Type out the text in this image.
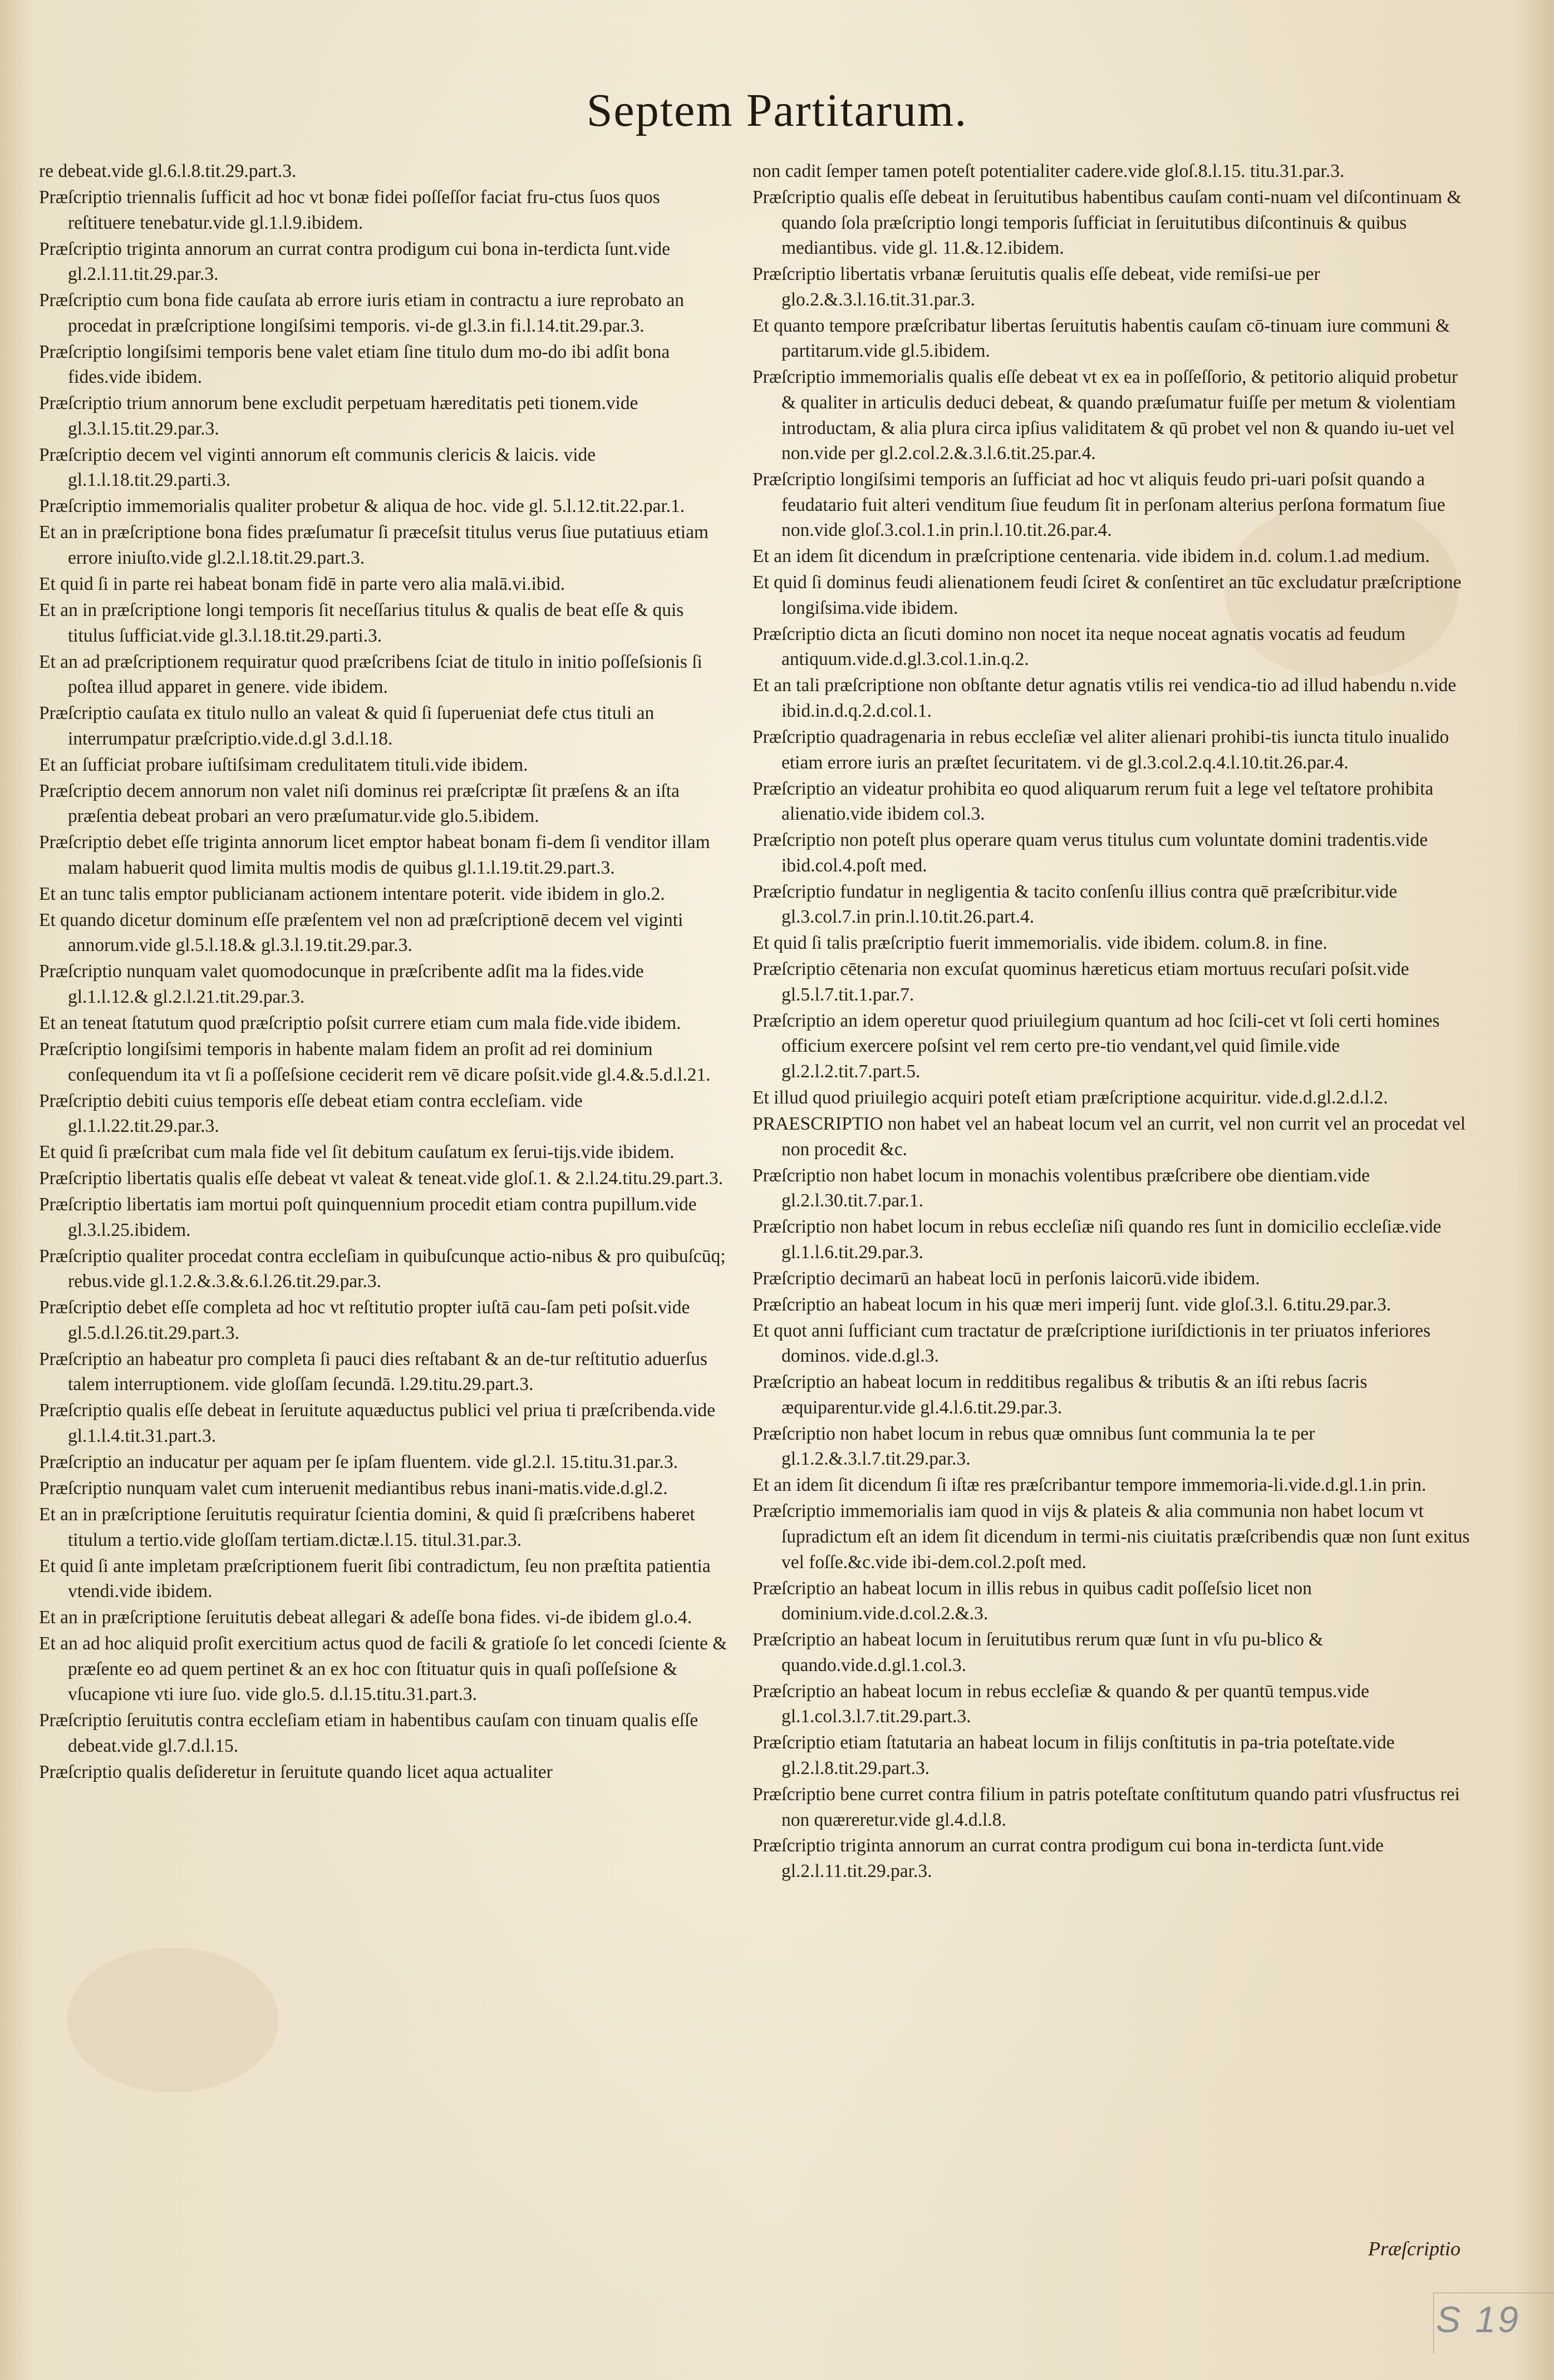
Septem Partitarum.

re debeat.vide gl.6.l.8.tit.29.part.3.

Præſcriptio triennalis ſufficit ad hoc vt bonæ fidei poſſeſſor faciat fru-ctus ſuos quos reſtituere tenebatur.vide gl.1.l.9.ibidem.

Præſcriptio triginta annorum an currat contra prodigum cui bona in-terdicta ſunt.vide gl.2.l.11.tit.29.par.3.

Præſcriptio cum bona fide cauſata ab errore iuris etiam in contractu a iure reprobato an procedat in præſcriptione longiſsimi temporis. vi-de gl.3.in fi.l.14.tit.29.par.3.

Præſcriptio longiſsimi temporis bene valet etiam ſine titulo dum mo-do ibi adſit bona fides.vide ibidem.

Præſcriptio trium annorum bene excludit perpetuam hæreditatis peti tionem.vide gl.3.l.15.tit.29.par.3.

Præſcriptio decem vel viginti annorum eſt communis clericis & laicis. vide gl.1.l.18.tit.29.parti.3.

Præſcriptio immemorialis qualiter probetur & aliqua de hoc. vide gl. 5.l.12.tit.22.par.1.

Et an in præſcriptione bona fides præſumatur ſi præceſsit titulus verus ſiue putatiuus etiam errore iniuſto.vide gl.2.l.18.tit.29.part.3.

Et quid ſi in parte rei habeat bonam fidē in parte vero alia malā.vi.ibid.

Et an in præſcriptione longi temporis ſit neceſſarius titulus & qualis de beat eſſe & quis titulus ſufficiat.vide gl.3.l.18.tit.29.parti.3.

Et an ad præſcriptionem requiratur quod præſcribens ſciat de titulo in initio poſſeſsionis ſi poſtea illud apparet in genere. vide ibidem.

Præſcriptio cauſata ex titulo nullo an valeat & quid ſi ſuperueniat defe ctus tituli an interrumpatur præſcriptio.vide.d.gl 3.d.l.18.

Et an ſufficiat probare iuſtiſsimam credulitatem tituli.vide ibidem.

Præſcriptio decem annorum non valet niſi dominus rei præſcriptæ ſit præſens & an iſta præſentia debeat probari an vero præſumatur.vide glo.5.ibidem.

Præſcriptio debet eſſe triginta annorum licet emptor habeat bonam fi-dem ſi venditor illam malam habuerit quod limita multis modis de quibus gl.1.l.19.tit.29.part.3.

Et an tunc talis emptor publicianam actionem intentare poterit. vide ibidem in glo.2.

Et quando dicetur dominum eſſe præſentem vel non ad præſcriptionē decem vel viginti annorum.vide gl.5.l.18.& gl.3.l.19.tit.29.par.3.

Præſcriptio nunquam valet quomodocunque in præſcribente adſit ma la fides.vide gl.1.l.12.& gl.2.l.21.tit.29.par.3.

Et an teneat ſtatutum quod præſcriptio poſsit currere etiam cum mala fide.vide ibidem.

Præſcriptio longiſsimi temporis in habente malam fidem an proſit ad rei dominium conſequendum ita vt ſi a poſſeſsione ceciderit rem vē dicare poſsit.vide gl.4.&.5.d.l.21.

Præſcriptio debiti cuius temporis eſſe debeat etiam contra eccleſiam. vide gl.1.l.22.tit.29.par.3.

Et quid ſi præſcribat cum mala fide vel ſit debitum cauſatum ex ſerui-tijs.vide ibidem.

Præſcriptio libertatis qualis eſſe debeat vt valeat & teneat.vide gloſ.1. & 2.l.24.titu.29.part.3.

Præſcriptio libertatis iam mortui poſt quinquennium procedit etiam contra pupillum.vide gl.3.l.25.ibidem.

Præſcriptio qualiter procedat contra eccleſiam in quibuſcunque actio-nibus & pro quibuſcūq; rebus.vide gl.1.2.&.3.&.6.l.26.tit.29.par.3.

Præſcriptio debet eſſe completa ad hoc vt reſtitutio propter iuſtā cau-ſam peti poſsit.vide gl.5.d.l.26.tit.29.part.3.

Præſcriptio an habeatur pro completa ſi pauci dies reſtabant & an de-tur reſtitutio aduerſus talem interruptionem. vide gloſſam ſecundā. l.29.titu.29.part.3.

Præſcriptio qualis eſſe debeat in ſeruitute aquæductus publici vel priua ti præſcribenda.vide gl.1.l.4.tit.31.part.3.

Præſcriptio an inducatur per aquam per ſe ipſam fluentem. vide gl.2.l. 15.titu.31.par.3.

Præſcriptio nunquam valet cum interuenit mediantibus rebus inani-matis.vide.d.gl.2.

Et an in præſcriptione ſeruitutis requiratur ſcientia domini, & quid ſi præſcribens haberet titulum a tertio.vide gloſſam tertiam.dictæ.l.15. titul.31.par.3.

Et quid ſi ante impletam præſcriptionem fuerit ſibi contradictum, ſeu non præſtita patientia vtendi.vide ibidem.

Et an in præſcriptione ſeruitutis debeat allegari & adeſſe bona fides. vi-de ibidem gl.o.4.

Et an ad hoc aliquid proſit exercitium actus quod de facili & gratioſe ſo let concedi ſciente & præſente eo ad quem pertinet & an ex hoc con ſtituatur quis in quaſi poſſeſsione & vſucapione vti iure ſuo. vide glo.5. d.l.15.titu.31.part.3.

Præſcriptio ſeruitutis contra eccleſiam etiam in habentibus cauſam con tinuam qualis eſſe debeat.vide gl.7.d.l.15.

Præſcriptio qualis deſideretur in ſeruitute quando licet aqua actualiter

non cadit ſemper tamen poteſt potentialiter cadere.vide gloſ.8.l.15. titu.31.par.3.

Præſcriptio qualis eſſe debeat in ſeruitutibus habentibus cauſam conti-nuam vel diſcontinuam & quando ſola præſcriptio longi temporis ſufficiat in ſeruitutibus diſcontinuis & quibus mediantibus. vide gl. 11.&.12.ibidem.

Præſcriptio libertatis vrbanæ ſeruitutis qualis eſſe debeat, vide remiſsi-ue per glo.2.&.3.l.16.tit.31.par.3.

Et quanto tempore præſcribatur libertas ſeruitutis habentis cauſam cō-tinuam iure communi & partitarum.vide gl.5.ibidem.

Præſcriptio immemorialis qualis eſſe debeat vt ex ea in poſſeſſorio, & petitorio aliquid probetur & qualiter in articulis deduci debeat, & quando præſumatur fuiſſe per metum & violentiam introductam, & alia plura circa ipſius validitatem & qū probet vel non & quando iu-uet vel non.vide per gl.2.col.2.&.3.l.6.tit.25.par.4.

Præſcriptio longiſsimi temporis an ſufficiat ad hoc vt aliquis feudo pri-uari poſsit quando a feudatario fuit alteri venditum ſiue feudum ſit in perſonam alterius perſona formatum ſiue non.vide gloſ.3.col.1.in prin.l.10.tit.26.par.4.

Et an idem ſit dicendum in præſcriptione centenaria. vide ibidem in.d. colum.1.ad medium.

Et quid ſi dominus feudi alienationem feudi ſciret & conſentiret an tūc excludatur præſcriptione longiſsima.vide ibidem.

Præſcriptio dicta an ſicuti domino non nocet ita neque noceat agnatis vocatis ad feudum antiquum.vide.d.gl.3.col.1.in.q.2.

Et an tali præſcriptione non obſtante detur agnatis vtilis rei vendica-tio ad illud habendu n.vide ibid.in.d.q.2.d.col.1.

Præſcriptio quadragenaria in rebus eccleſiæ vel aliter alienari prohibi-tis iuncta titulo inualido etiam errore iuris an præſtet ſecuritatem. vi de gl.3.col.2.q.4.l.10.tit.26.par.4.

Præſcriptio an videatur prohibita eo quod aliquarum rerum fuit a lege vel teſtatore prohibita alienatio.vide ibidem col.3.

Præſcriptio non poteſt plus operare quam verus titulus cum voluntate domini tradentis.vide ibid.col.4.poſt med.

Præſcriptio fundatur in negligentia & tacito conſenſu illius contra quē præſcribitur.vide gl.3.col.7.in prin.l.10.tit.26.part.4.

Et quid ſi talis præſcriptio fuerit immemorialis. vide ibidem. colum.8. in fine.

Præſcriptio cētenaria non excuſat quominus hæreticus etiam mortuus recuſari poſsit.vide gl.5.l.7.tit.1.par.7.

Præſcriptio an idem operetur quod priuilegium quantum ad hoc ſcili-cet vt ſoli certi homines officium exercere poſsint vel rem certo pre-tio vendant,vel quid ſimile.vide gl.2.l.2.tit.7.part.5.

Et illud quod priuilegio acquiri poteſt etiam præſcriptione acquiritur. vide.d.gl.2.d.l.2.

PRAESCRIPTIO non habet vel an habeat locum vel an currit, vel non currit vel an procedat vel non procedit &c.

Præſcriptio non habet locum in monachis volentibus præſcribere obe dientiam.vide gl.2.l.30.tit.7.par.1.

Præſcriptio non habet locum in rebus eccleſiæ niſi quando res ſunt in domicilio eccleſiæ.vide gl.1.l.6.tit.29.par.3.

Præſcriptio decimarū an habeat locū in perſonis laicorū.vide ibidem.

Præſcriptio an habeat locum in his quæ meri imperij ſunt. vide gloſ.3.l. 6.titu.29.par.3.

Et quot anni ſufficiant cum tractatur de præſcriptione iuriſdictionis in ter priuatos inferiores dominos. vide.d.gl.3.

Præſcriptio an habeat locum in redditibus regalibus & tributis & an iſti rebus ſacris æquiparentur.vide gl.4.l.6.tit.29.par.3.

Præſcriptio non habet locum in rebus quæ omnibus ſunt communia la te per gl.1.2.&.3.l.7.tit.29.par.3.

Et an idem ſit dicendum ſi iſtæ res præſcribantur tempore immemoria-li.vide.d.gl.1.in prin.

Præſcriptio immemorialis iam quod in vijs & plateis & alia communia non habet locum vt ſupradictum eſt an idem ſit dicendum in termi-nis ciuitatis præſcribendis quæ non ſunt exitus vel foſſe.&c.vide ibi-dem.col.2.poſt med.

Præſcriptio an habeat locum in illis rebus in quibus cadit poſſeſsio licet non dominium.vide.d.col.2.&.3.

Præſcriptio an habeat locum in ſeruitutibus rerum quæ ſunt in vſu pu-blico & quando.vide.d.gl.1.col.3.

Præſcriptio an habeat locum in rebus eccleſiæ & quando & per quantū tempus.vide gl.1.col.3.l.7.tit.29.part.3.

Præſcriptio etiam ſtatutaria an habeat locum in filijs conſtitutis in pa-tria poteſtate.vide gl.2.l.8.tit.29.part.3.

Præſcriptio bene curret contra filium in patris poteſtate conſtitutum quando patri vſusfructus rei non quæreretur.vide gl.4.d.l.8.

Præſcriptio triginta annorum an currat contra prodigum cui bona in-terdicta ſunt.vide gl.2.l.11.tit.29.par.3.

Præſcriptio
S 19
